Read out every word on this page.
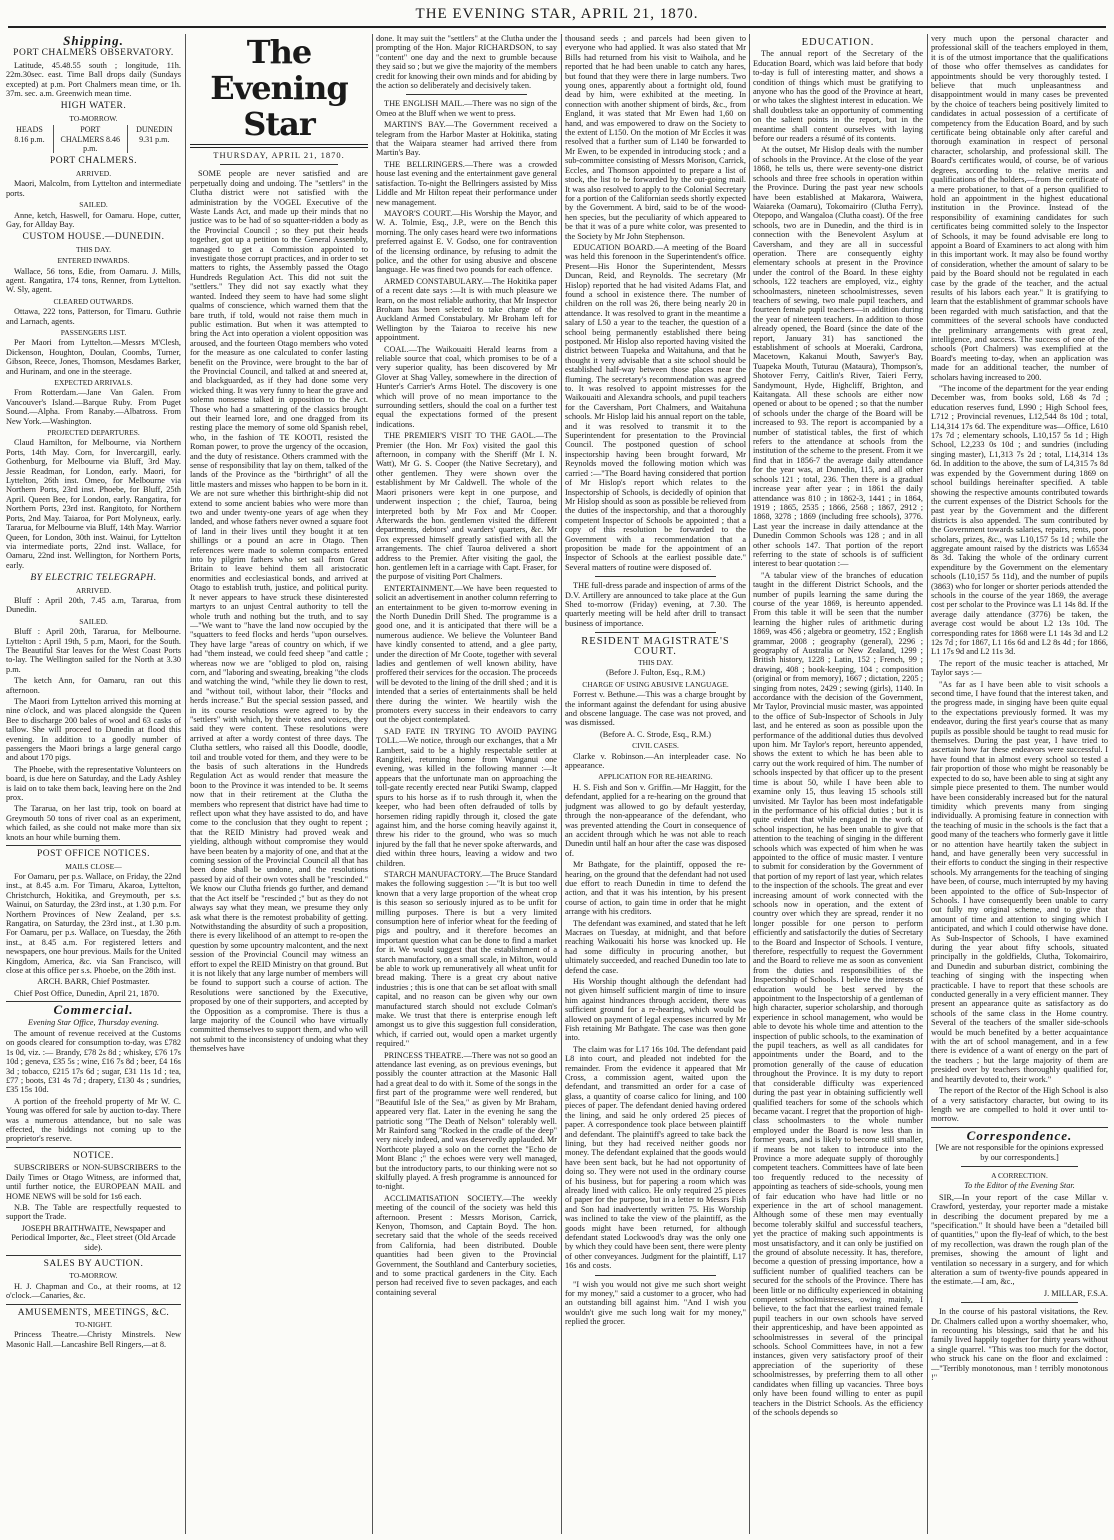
THE EVENING STAR, APRIL 21, 1870.
Shipping.
PORT CHALMERS OBSERVATORY.

Latitude, 45.48.55 south ; longitude, 11h. 22m.30sec. east. Time Ball drops daily (Sundays excepted) at p.m. Port Chalmers mean time, or 1h. 37m. sec. a.m. Greenwich mean time.

HIGH WATER.
TO-MORROW.
HEADS 8.16 p.m.
PORT CHALMERS 8.46 p.m.
DUNEDIN 9.31 p.m.
PORT CHALMERS.
ARRIVED.

Maori, Malcolm, from Lyttelton and intermediate ports.

SAILED.

Anne, ketch, Haswell, for Oamaru. Hope, cutter, Gay, for Allday Bay.

CUSTOM HOUSE.—DUNEDIN.
THIS DAY.
ENTERED INWARDS.

Wallace, 56 tons, Edie, from Oamaru. J. Mills, agent. Rangatira, 174 tons, Renner, from Lyttelton. W. Sly, agent.

CLEARED OUTWARDS.

Ottawa, 222 tons, Patterson, for Timaru. Guthrie and Larnach, agents.

PASSENGERS LIST.

Per Maori from Lyttelton.—Messrs M'Clesh, Dickenson, Houghton, Doulan, Coombs, Turner, Gibson, Reece, Jones, Thomson, Mesdames Barker, and Hurinam, and one in the steerage.

EXPECTED ARRIVALS.

From Rotterdam.—Jane Van Galen. From Vancouver's Island.—Barque Ruby. From Puget Sound.—Alpha. From Ranaby.—Albatross. From New York.—Washington.

PROJECTED DEPARTURES.

Claud Hamilton, for Melbourne, via Northern Ports, 14th May. Corn, for Invercargill, early. Gothenburg, for Melbourne via Bluff, 3rd May. Jessie Readman, for London, early. Maori, for Lyttelton, 26th inst. Omeo, for Melbourne via Northern Ports, 23rd inst. Phoebe, for Bluff, 25th April. Queen Bee, for London, early. Rangatira, for Northern Ports, 23rd inst. Rangitoto, for Northern Ports, 2nd May. Taiaroa, for Port Molyneux, early. Tararua, for Melbourne via Bluff, 14th May. Warrior Queen, for London, 30th inst. Wainui, for Lyttelton via intermediate ports, 22nd inst. Wallace, for Oamaru, 22nd inst. Wellington, for Northern Ports, early.

BY ELECTRIC TELEGRAPH.
ARRIVED.

Bluff : April 20th, 7.45 a.m, Tararua, from Dunedin.

SAILED.

Bluff : April 20th, Tararua, for Melbourne. Lyttelton : April 19th, 5 p.m, Maori, for the South. The Beautiful Star leaves for the West Coast Ports to-lay. The Wellington sailed for the North at 3.30 p.m.

The ketch Ann, for Oamaru, ran out this afternoon.

The Maori from Lyttelton arrived this morning at nine o'clock, and was placed alongside the Queen Bee to discharge 200 bales of wool and 63 casks of tallow. She will proceed to Dunedin at flood this evening. In addition to a goodly number of passengers the Maori brings a large general cargo and about 170 pigs.

The Phoebe, with the representative Volunteers on board, is due here on Saturday, and the Lady Ashley is laid on to take them back, leaving here on the 2nd prox.

The Tararua, on her last trip, took on board at Greymouth 50 tons of river coal as an experiment, which failed, as she could not make more than six knots an hour while burning them.

POST OFFICE NOTICES.
MAILS CLOSE—

For Oamaru, per p.s. Wallace, on Friday, the 22nd inst., at 8.45 a.m. For Timaru, Akaroa, Lyttelton, Christchurch, Hokitika, and Greymouth, per s.s. Wainui, on Saturday, the 23rd inst., at 1.30 p.m. For Northern Provinces of New Zealand, per s.s. Rangatira, on Saturday, the 23rd inst., at 1.30 p.m. For Oamaru, per p.s. Wallace, on Tuesday, the 26th inst., at 8.45 a.m. For registered letters and newspapers, one hour previous. Mails for the United Kingdom, America, &c. via San Francisco, will close at this office per s.s. Phoebe, on the 28th inst.

ARCH. BARR, Chief Postmaster.

Chief Post Office, Dunedin, April 21, 1870.

Commercial.

Evening Star Office, Thursday evening.

The amount of revenue received at the Customs on goods cleared for consumption to-day, was £782 1s 0d, viz. :— Brandy, £78 2s 8d ; whiskey, £76 17s 10d ; geneva, £35 5s ; wine, £16 7s 8d ; beer, £4 16s 3d ; tobacco, £215 17s 6d ; sugar, £31 11s 1d ; tea, £77 ; boots, £31 4s 7d ; drapery, £130 4s ; sundries, £35 15s 10d.

A portion of the freehold property of Mr W. C. Young was offered for sale by auction to-day. There was a numerous attendance, but no sale was effected, the biddings not coming up to the proprietor's reserve.

NOTICE.

SUBSCRIBERS or NON-SUBSCRIBERS to the Daily Times or Otago Witness, are informed that, until further notice, the EUROPEAN MAIL and HOME NEWS will be sold for 1s6 each.

N.B. The Table are respectfully requested to support the Trade.

JOSEPH BRAITHWAITE, Newspaper and Periodical Importer, &c., Fleet street (Old Arcade side).

SALES BY AUCTION.
TO-MORROW.

H. J. Chapman and Co., at their rooms, at 12 o'clock.—Canaries, &c.

AMUSEMENTS, MEETINGS, &C.
TO-NIGHT.

Princess Theatre.—Christy Minstrels. New Masonic Hall.—Lancashire Bell Ringers,—at 8.

The Evening Star
THURSDAY, APRIL 21, 1870.

SOME people are never satisfied and are perpetually doing and undoing. The "settlers" in the Clutha district were not satisfied with the administration by the VOGEL Executive of the Waste Lands Act, and made up their minds that no justice was to be had of so squatter-ridden a body as the Provincial Council ; so they put their heads together, got up a petition to the General Assembly, managed to get a Commission appointed to investigate those corrupt practices, and in order to set matters to rights, the Assembly passed the Otago Hundreds Regulation Act. This did not suit the "settlers." They did not say exactly what they wanted. Indeed they seem to have had some slight qualms of conscience, which warned them that the bare truth, if told, would not raise them much in public estimation. But when it was attempted to bring the Act into operation a violent opposition was aroused, and the fourteen Otago members who voted for the measure as one calculated to confer lasting benefit on the Province, were brought to the bar of the Provincial Council, and talked at and sneered at, and blackguarded, as if they had done some very wicked thing. It was very funny to hear the grave and solemn nonsense talked in opposition to the Act. Those who had a smattering of the classics brought out their learned lore, and one dragged from its resting place the memory of some old Spanish rebel, who, in the fashion of TE KOOTI, resisted the Roman power, to prove the urgency of the occasion, and the duty of resistance. Others crammed with the sense of responsibility that lay on them, talked of the lands of the Province as the "birthright" of all the little masters and misses who happen to be born in it. We are not sure whether this birthright-ship did not extend to some ancient babies who were more than two and under twenty-one years of age when they landed, and whose fathers never owned a square foot of land in their lives until they bought it at ten shillings or a pound an acre in Otago. Then references were made to solemn compacts entered into by pilgrim fathers who set sail from Great Britain to leave behind them all aristocratic enormities and ecclesiastical bonds, and arrived at Otago to establish truth, justice, and political purity. It never appears to have struck these disinterested martyrs to an unjust Central authority to tell the whole truth and nothing but the truth, and to say—"We want to "have the land now occupied by the "squatters to feed flocks and herds "upon ourselves. They have large "areas of country on which, if we had "them instead, we could feed sheep "and cattle ; whereas now we are "obliged to plod on, raising corn, and "laboring and sweating, breaking "the clods and watching the wind, "while they lie down to rest, and "without toil, without labor, their "flocks and herds increase." But the special session passed, and in its course resolutions were agreed to by the "settlers" with which, by their votes and voices, they said they were content. These resolutions were arrived at after a wordy contest of three days. The Clutha settlers, who raised all this Doodle, doodle, toil and trouble voted for them, and they were to be the basis of such alterations in the Hundreds Regulation Act as would render that measure the boon to the Province it was intended to be. It seems now that in their retirement at the Clutha the members who represent that district have had time to reflect upon what they have assisted to do, and have come to the conclusion that they ought to repent ; that the REID Ministry had proved weak and yielding, although without compromise they would have been beaten by a majority of one, and that at the coming session of the Provincial Council all that has been done shall be undone, and the resolutions passed by aid of their own votes shall be "rescinded." We know our Clutha friends go further, and demand that the Act itself be "rescinded ;" but as they do not always say what they mean, we presume they only ask what there is the remotest probability of getting. Notwithstanding the absurdity of such a proposition, there is every likelihood of an attempt to re-open the question by some upcountry malcontent, and the next session of the Provincial Council may witness an effort to expel the REID Ministry on that ground. But it is not likely that any large number of members will be found to support such a course of action. The Resolutions were sanctioned by the Executive, proposed by one of their supporters, and accepted by the Opposition as a compromise. There is thus a large majority of the Council who have virtually committed themselves to support them, and who will not submit to the inconsistency of undoing what they themselves have

done. It may suit the "settlers" at the Clutha under the prompting of the Hon. Major RICHARDSON, to say "content" one day and the next to grumble because they said so ; but we give the majority of the members credit for knowing their own minds and for abiding by the action so deliberately and decisively taken.

THE ENGLISH MAIL.—There was no sign of the Omeo at the Bluff when we went to press.

MARTIN'S BAY.—The Government received a telegram from the Harbor Master at Hokitika, stating that the Waipara steamer had arrived there from Martin's Bay.

THE BELLRINGERS.—There was a crowded house last evening and the entertainment gave general satisfaction. To-night the Bellringers assisted by Miss Liddle and Mr Hilton repeat their performance under new management.

MAYOR'S COURT.—His Worship the Mayor, and W. A. Tolmie, Esq., J.P., were on the Bench this morning. The only cases heard were two informations preferred against E. V. Godso, one for contravention of the licensing ordinance, by refusing to admit the police, and the other for using abusive and obscene language. He was fined two pounds for each offence.

ARMED CONSTABULARY.—The Hokitika paper of a recent date says :—It is with much pleasure we learn, on the most reliable authority, that Mr Inspector Broham has been selected to take charge of the Auckland Armed Constabulary. Mr Broham left for Wellington by the Taiaroa to receive his new appointment.

COAL.—The Waikouaiti Herald learns from a reliable source that coal, which promises to be of a very superior quality, has been discovered by Mr Glover at Shag Valley, somewhere in the direction of Hunter's Carrier's Arms Hotel. The discovery is one which will prove of no mean importance to the surrounding settlers, should the coal on a further test equal the expectations formed of the present indications.

THE PREMIER'S VISIT TO THE GAOL.—The Premier (the Hon. Mr Fox) visited the gaol this afternoon, in company with the Sheriff (Mr I. N. Watt), Mr G. S. Cooper (the Native Secretary), and other gentlemen. They were shown over the establishment by Mr Caldwell. The whole of the Maori prisoners were kept in one purpose, and underwent inspection ; the chief, Tauroa, being interpreted both by Mr Fox and Mr Cooper. Afterwards the hon. gentlemen visited the different departments, debtors' and warders' quarters, &c. Mr Fox expressed himself greatly satisfied with all the arrangements. The chief Tauroa delivered a short address to the Premier. After visiting the gaol, the hon. gentlemen left in a carriage with Capt. Fraser, for the purpose of visiting Port Chalmers.

ENTERTAINMENT.—We have been requested to solicit an advertisement in another column referring to an entertainment to be given to-morrow evening in the North Dunedin Drill Shed. The programme is a good one, and it is anticipated that there will be a numerous audience. We believe the Volunteer Band have kindly consented to attend, and a glee party, under the direction of Mr Coote, together with several ladies and gentlemen of well known ability, have proffered their services for the occasion. The proceeds will be devoted to the lining of the drill shed ; and it is intended that a series of entertainments shall be held there during the winter. We heartily wish the promoters every success in their endeavors to carry out the object contemplated.

SAD FATE IN TRYING TO AVOID PAYING TOLL.—We notice, through our exchanges, that a Mr Lambert, said to be a highly respectable settler at Rangitikei, returning home from Wanganui one evening, was killed in the following manner :—It appears that the unfortunate man on approaching the toll-gate recently erected near Putiki Swamp, clapped spurs to his horse as if to rush through it, when the keeper, who had been often defrauded of tolls by horsemen riding rapidly through it, closed the gate against him, and the horse coming heavily against it, threw his rider to the ground, who was so much injured by the fall that he never spoke afterwards, and died within three hours, leaving a widow and two children.

STARCH MANUFACTORY.—The Bruce Standard makes the following suggestion :—"It is but too well known that a very large proportion of the wheat crop is this season so seriously injured as to be unfit for milling purposes. There is but a very limited consumption here of inferior wheat for the feeding of pigs and poultry, and it therefore becomes an important question what can be done to find a market for it. We would suggest that the establishment of a starch manufactory, on a small scale, in Milton, would be able to work up remuneratively all wheat unfit for bread making. There is a great cry about native industries ; this is one that can be set afloat with small capital, and no reason can be given why our own manufactured starch should not exclude Colman's make. We trust that there is enterprise enough left amongst us to give this suggestion full consideration, which, if carried out, would open a market urgently required."

PRINCESS THEATRE.—There was not so good an attendance last evening, as on previous evenings, but possibly the counter attraction at the Masonic Hall had a great deal to do with it. Some of the songs in the first part of the programme were well rendered, but "Beautiful Isle of the Sea," as given by Mr Braham, appeared very flat. Later in the evening he sang the patriotic song "The Death of Nelson" tolerably well. Mr Rainford sang "Rocked in the cradle of the deep" very nicely indeed, and was deservedly applauded. Mr Northcote played a solo on the cornet the "Echo de Mont Blanc ;" the echoes were very well managed, but the introductory parts, to our thinking were not so skilfully played. A fresh programme is announced for to-night.

ACCLIMATISATION SOCIETY.—The weekly meeting of the council of the society was held this afternoon. Present : Messrs Morison, Carrick, Kenyon, Thomson, and Captain Boyd. The hon. secretary said that the whole of the seeds received from California, had been distributed. Double quantities had been given to the Provincial Government, the Southland and Canterbury societies, and to some practical gardeners in the City. Each person had received five to seven packages, and each containing several

thousand seeds ; and parcels had been given to everyone who had applied. It was also stated that Mr Bills had returned from his visit to Waihola, and he reported that he had been unable to catch any hares, but found that they were there in large numbers. Two young ones, apparently about a fortnight old, found dead by him, were exhibited at the meeting. In connection with another shipment of birds, &c., from England, it was stated that Mr Ewen had 1,60 on hand, and was empowered to draw on the Society to the extent of L150. On the motion of Mr Eccles it was resolved that a further sum of L140 be forwarded to Mr Ewen, to be expended in introducing stock ; and a sub-committee consisting of Messrs Morison, Carrick, Eccles, and Thomson appointed to prepare a list of stock, the list to be forwarded by the out-going mail. It was also resolved to apply to the Colonial Secretary for a portion of the Californian seeds shortly expected by the Government. A bird, said to be of the wood-hen species, but the peculiarity of which appeared to be that it was of a pure white color, was presented to the Society by Mr John Stephenson.

EDUCATION BOARD.—A meeting of the Board was held this forenoon in the Superintendent's office. Present—His Honor the Superintendent, Messrs Duncan, Reid, and Reynolds. The secretary (Mr Hislop) reported that he had visited Adams Flat, and found a school in existence there. The number of children on the roll was 26, there being nearly 20 in attendance. It was resolved to grant in the meantime a salary of L50 a year to the teacher, the question of a school being permanently established there being postponed. Mr Hislop also reported having visited the district between Tuapeka and Waitahuna, and that he thought it very advisable that a site school should be established half-way between those places near the fluming. The secretary's recommendation was agreed to. It was resolved to appoint mistresses for the Waikouaiti and Alexandra schools, and pupil teachers for the Caversham, Port Chalmers, and Waitahuna schools. Mr Hislop laid his annual report on the table, and it was resolved to transmit it to the Superintendent for presentation to the Provincial Council. The postponed question of school inspectorship having been brought forward, Mr Reynolds moved the following motion which was carried :—"The Board having considered that portion of Mr Hislop's report which relates to the Inspectorship of Schools, is decidedly of opinion that Mr Hislop should as soon as possible be relieved from the duties of the inspectorship, and that a thoroughly competent Inspector of Schools be appointed ; that a copy of this resolution be forwarded to the Government with a recommendation that a proposition be made for the appointment of an Inspector of Schools at the earliest possible date." Several matters of routine were disposed of.

THE full-dress parade and inspection of arms of the D.V. Artillery are announced to take place at the Gun Shed to-morrow (Friday) evening, at 7.30. The quarterly meeting will be held after drill to transact business of importance.

RESIDENT MAGISTRATE'S COURT.
THIS DAY.

(Before J. Fulton, Esq., R.M.)

CHARGE OF USING ABUSIVE LANGUAGE.

Forrest v. Bethune.—This was a charge brought by the informant against the defendant for using abusive and obscene language. The case was not proved, and was dismissed.

(Before A. C. Strode, Esq., R.M.)

CIVIL CASES.

Clarke v. Robinson.—An interpleader case. No appearance.

APPLICATION FOR RE-HEARING.

H. S. Fish and Son v. Griffin.—Mr Haggitt, for the defendant, applied for a re-hearing on the ground that judgment was allowed to go by default yesterday, through the non-appearance of the defendant, who was prevented attending the Court in consequence of an accident through which he was not able to reach Dunedin until half an hour after the case was disposed of.

Mr Bathgate, for the plaintiff, opposed the re-hearing, on the ground that the defendant had not used due effort to reach Dunedin in time to defend the action, and that it was his intention, by his present course of action, to gain time in order that he might arrange with his creditors.

The defendant was examined, and stated that he left Macraes on Tuesday, at midnight, and that before reaching Waikouaiti his horse was knocked up. He had some difficulty in procuring another, but ultimately succeeded, and reached Dunedin too late to defend the case.

His Worship thought although the defendant had not given himself sufficient margin of time to insure him against hindrances through accident, there was sufficient ground for a re-hearing, which would be allowed on payment of legal expenses incurred by Mr Fish retaining Mr Bathgate. The case was then gone into.

The claim was for L17 16s 10d. The defendant paid L8 into court, and pleaded not indebted for the remainder. From the evidence it appeared that Mr Cross, a commission agent, waited upon the defendant, and transmitted an order for a case of glass, a quantity of coarse calico for lining, and 100 pieces of paper. The defendant denied having ordered the lining, and said he only ordered 25 pieces of paper. A correspondence took place between plaintiff and defendant. The plaintiff's agreed to take back the lining, but they had received neither goods nor money. The defendant explained that the goods would have been sent back, but he had not opportunity of doing so. They were not used in the ordinary course of his business, but for papering a room which was already lined with calico. He only required 25 pieces of paper for the purpose, but in a letter to Messrs Fish and Son had inadvertently written 75. His Worship was inclined to take the view of the plaintiff, as the goods might have been returned, for although defendant stated Lockwood's dray was the only one by which they could have been sent, there were plenty of other conveyances. Judgment for the plaintiff, L17 16s and costs.

"I wish you would not give me such short weight for my money," said a customer to a grocer, who had an outstanding bill against him. "And I wish you wouldn't give me such long wait for my money," replied the grocer.

EDUCATION.

The annual report of the Secretary of the Education Board, which was laid before that body to-day is full of interesting matter, and shows a condition of things which must be gratifying to anyone who has the good of the Province at heart, or who takes the slightest interest in education. We shall doubtless take an opportunity of commenting on the salient points in the report, but in the meantime shall content ourselves with laying before our readers a résumé of its contents.

At the outset, Mr Hislop deals with the number of schools in the Province. At the close of the year 1868, he tells us, there were seventy-one district schools and three free schools in operation within the Province. During the past year new schools have been established at Makarora, Waiwera, Waiareka (Oamaru), Tokomairiro (Clutha Ferry), Otepopo, and Wangaloa (Clutha coast). Of the free schools, two are in Dunedin, and the third is in connection with the Benevolent Asylum at Caversham, and they are all in successful operation. There are consequently eighty elementary schools at present in the Province under the control of the Board. In these eighty schools, 122 teachers are employed, viz., eighty schoolmasters, nineteen schoolmistresses, seven teachers of sewing, two male pupil teachers, and fourteen female pupil teachers—in addition during the year of nineteen teachers. In addition to those already opened, the Board (since the date of the report, January 31) has sanctioned the establishment of schools at Moeraki, Cardrona, Macetown, Kakanui Mouth, Sawyer's Bay, Tuapeka Mouth, Tuturau (Mataura), Thompson's, Shotover Ferry, Caitlin's River, Taieri Ferry, Sandymount, Hyde, Highcliff, Brighton, and Kaitangata. All these schools are either now opened or about to be opened ; so that the number of schools under the charge of the Board will be increased to 93. The report is accompanied by a number of statistical tables, the first of which refers to the attendance at schools from the institution of the scheme to the present. From it we find that in 1856-7 the average daily attendance for the year was, at Dunedin, 115, and all other schools 121 ; total, 236. Then there is a gradual increase year after year ; in 1861 the daily attendance was 810 ; in 1862-3, 1441 ; in 1864, 1919 ; 1865, 2535 ; 1866, 2568 ; 1867, 2912 ; 1868, 3278 ; 1869 (including free schools), 3776. Last year the increase in daily attendance at the Dunedin Common Schools was 128 ; and in all other schools 147. That portion of the report referring to the state of schools is of sufficient interest to bear quotation :—

"A tabular view of the branches of education taught in the different District Schools, and the number of pupils learning the same during the course of the year 1869, is hereunto appended. From this table it will be seen that the number learning the higher rules of arithmetic during 1869, was 456 ; algebra or geometry, 152 ; English grammar, 2008 ; geography (general), 2296 ; geography of Australia or New Zealand, 1299 ; British history, 1228 ; Latin, 152 ; French, 99 ; drawing, 408 ; book-keeping, 104 ; composition (original or from memory), 1667 ; dictation, 2205 ; singing from notes, 2429 ; sewing (girls), 1140. In accordance with the decision of the Government, Mr Taylor, Provincial music master, was appointed to the office of Sub-Inspector of Schools in July last, and he entered as soon as possible upon the performance of the additional duties thus devolved upon him. Mr Taylor's report, hereunto appended, shows the extent to which he has been able to carry out the work required of him. The number of schools inspected by that officer up to the present time is about 50, while I have been able to examine only 15, thus leaving 15 schools still unvisited. Mr Taylor has been most indefatigable in the performance of his official duties ; but it is quite evident that while engaged in the work of school inspection, he has been unable to give that attention to the teaching of singing in the different schools which was expected of him when he was appointed to the office of music master. I venture to submit for consideration by the Government of that portion of my report of last year, which relates to the inspection of the schools. The great and ever increasing amount of work connected with the schools now in operation, and the extent of country over which they are spread, render it no longer possible for one person to perform efficiently and satisfactorily the duties of Secretary to the Board and Inspector of Schools. I venture, therefore, respectfully to request the Government and the Board to relieve me as soon as convenient from the duties and responsibilities of the Inspectorship of Schools. I believe the interests of education would be best served by the appointment to the Inspectorship of a gentleman of high character, superior scholarship, and thorough experience in school management, who would be able to devote his whole time and attention to the inspection of public schools, to the examination of the pupil teachers, as well as all candidates for appointments under the Board, and to the promotion generally of the cause of education throughout the Province. It is my duty to report that considerable difficulty was experienced during the past year in obtaining sufficiently well qualified teachers for some of the schools which became vacant. I regret that the proportion of high-class schoolmasters to the whole number employed under the Board is now less than in former years, and is likely to become still smaller, if means be not taken to introduce into the Province a more adequate supply of thoroughly competent teachers. Committees have of late been too frequently reduced to the necessity of appointing as teachers of side-schools, young men of fair education who have had little or no experience in the art of school management. Although some of these men may eventually become tolerably skilful and successful teachers, yet the practice of making such appointments is most unsatisfactory, and it can only be justified on the ground of absolute necessity. It has, therefore, become a question of pressing importance, how a sufficient number of qualified teachers can be secured for the schools of the Province. There has been little or no difficulty experienced in obtaining competent schoolmistresses, owing mainly, I believe, to the fact that the earliest trained female pupil teachers in our own schools have served their apprenticeship, and have been appointed as schoolmistresses in several of the principal schools. School Committees have, in not a few instances, given very satisfactory proof of their appreciation of the superiority of these schoolmistresses, by preferring them to all other candidates when filling up vacancies. Three boys only have been found willing to enter as pupil teachers in the District Schools. As the efficiency of the schools depends so

very much upon the personal character and professional skill of the teachers employed in them, it is of the utmost importance that the qualifications of those who offer themselves as candidates for appointments should be very thoroughly tested. I believe that much unpleasantness and disappointment would in many cases be prevented by the choice of teachers being positively limited to candidates in actual possession of a certificate of competency from the Education Board, and by such certificate being obtainable only after careful and thorough examination in respect of personal character, scholarship, and professional skill. The Board's certificates would, of course, be of various degrees, according to the relative merits and qualifications of the holders,—from the certificate of a mere probationer, to that of a person qualified to hold an appointment in the highest educational institution in the Province. Instead of the responsibility of examining candidates for such certificates being committed solely to the Inspector of Schools, it may be found advisable ere long to appoint a Board of Examiners to act along with him in this important work. It may also be found worthy of consideration, whether the amount of salary to be paid by the Board should not be regulated in each case by the grade of the teacher, and the actual results of his labors each year." It is gratifying to learn that the establishment of grammar schools have been regarded with much satisfaction, and that the committees of the several schools have conducted the preliminary arrangements with great zeal, intelligence, and success. The success of one of the schools (Port Chalmers) was exemplified at the Board's meeting to-day, when an application was made for an additional teacher, the number of scholars having increased to 200.

"The income of the department for the year ending December was, from books sold, L68 4s 7d ; education reserves fund, L990 ; High School fees, L712 ; Provincial revenues, L12,544 8s 10d ; total, L14,314 17s 6d. The expenditure was—Office, L610 17s 7d ; elementary schools, L10,157 5s 1d ; High School, L2,233 0s 10d ; and sundries (including singing master), L1,313 7s 2d ; total, L14,314 13s 6d. In addition to the above, the sum of L4,315 7s 8d was expended by the Government during 1869 on school buildings hereinafter specified. A table showing the respective amounts contributed towards the current expenses of the District Schools for the past year by the Government and the different districts is also appended. The sum contributed by the Government towards salaries, repairs, rents, poor scholars, prizes, &c., was L10,157 5s 1d ; while the aggregate amount raised by the districts was L6534 8s 3d. Taking the whole of the ordinary current expenditure by the Government on the elementary schools (L10,157 5s 11d), and the number of pupils (3863) who for longer or shorter periods attended the schools in the course of the year 1869, the average cost per scholar to the Province was L1 14s 8d. If the average daily attendance (3776) be taken, the average cost would be about L2 13s 10d. The corresponding rates for 1868 were L1 14s 3d and L2 12s 7d ; for 1867, L1 16s 6d and L2 8s 4d ; for 1866, L1 17s 9d and L2 11s 3d.

The report of the music teacher is attached, Mr Taylor says :—

"As far as I have been able to visit schools a second time, I have found that the interest taken, and the progress made, in singing have been quite equal to the expectations previously formed. It was my endeavor, during the first year's course that as many pupils as possible should be taught to read music for themselves. During the past year, I have tried to ascertain how far these endeavors were successful. I have found that in almost every school so tested a fair proportion of those who might be reasonably be expected to do so, have been able to sing at sight any simple piece presented to them. The number would have been considerably increased but for the natural timidity which prevents many from singing individually. A promising feature in connection with the teaching of music in the schools is the fact that a good many of the teachers who formerly gave it little or no attention have heartily taken the subject in hand, and have generally been very successful in their efforts to conduct the singing in their respective schools. My arrangements for the teaching of singing have been, of course, much interrupted by my having been appointed to the office of Sub-Inspector of Schools. I have consequently been unable to carry out fully my original scheme, and to give that amount of time and attention to singing which I anticipated, and which I could otherwise have done. As Sub-Inspector of Schools, I have examined during the year about fifty schools, situated principally in the goldfields, Clutha, Tokomairiro, and Dunedin and suburban district, combining the teaching of singing with the inspecting when practicable. I have to report that these schools are conducted generally in a very efficient manner. They present an appearance quite as satisfactory as do schools of the same class in the Home country. Several of the teachers of the smaller side-schools would be much benefited by a better acquaintance with the art of school management, and in a few there is evidence of a want of energy on the part of the teachers ; but the large majority of them are presided over by teachers thoroughly qualified for, and heartily devoted to, their work."

The report of the Rector of the High School is also of a very satisfactory character, but owing to its length we are compelled to hold it over until to-morrow.

Correspondence.

[We are not responsible for the opinions expressed by our correspondents.]

A CORRECTION.

To the Editor of the Evening Star.

SIR,—In your report of the case Millar v. Crawford, yesterday, your reporter made a mistake in describing the document prepared by me a "specification." It should have been a "detailed bill of quantities," upon the fly-leaf of which, to the best of my recollection, was drawn the rough plan of the premises, showing the amount of light and ventilation so necessary in a surgery, and for which alteration a sum of twenty-five pounds appeared in the estimate.—I am, &c.,

J. MILLAR, F.S.A.

In the course of his pastoral visitations, the Rev. Dr. Chalmers called upon a worthy shoemaker, who, in recounting his blessings, said that he and his family lived happily together for thirty years without a single quarrel. "This was too much for the doctor, who struck his cane on the floor and exclaimed :—"Terribly monotonous, man ! terribly monotonous !"
